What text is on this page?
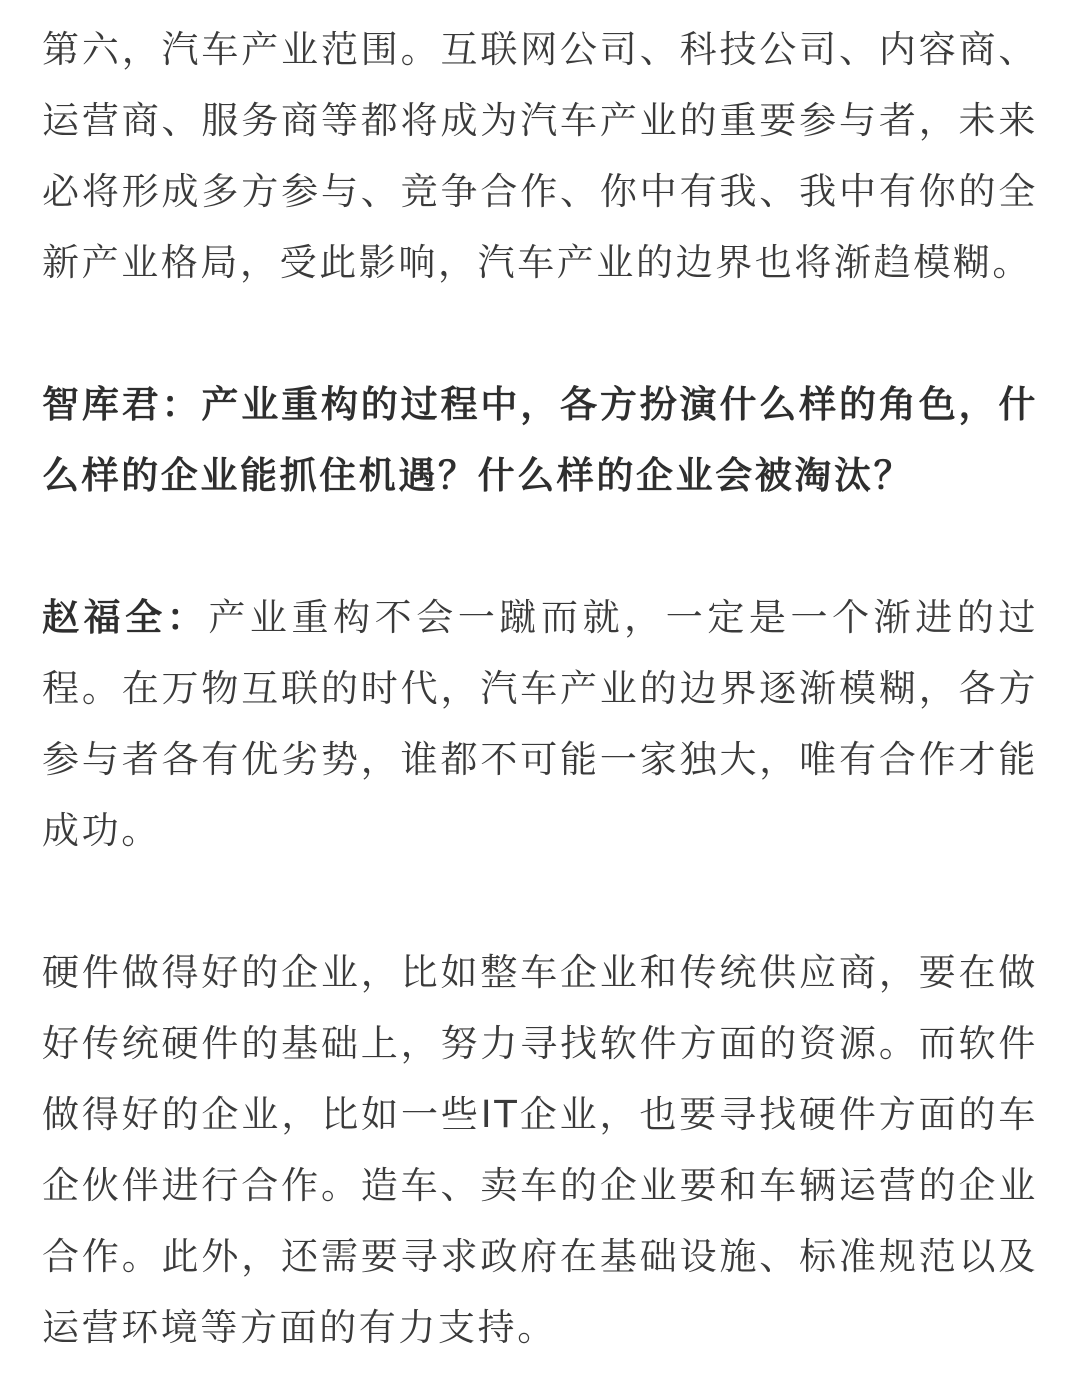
第六，汽车产业范围。互联网公司、科技公司、内容商、运营商、服务商等都将成为汽车产业的重要参与者，未来必将形成多方参与、竞争合作、你中有我、我中有你的全新产业格局，受此影响，汽车产业的边界也将渐趋模糊。

智库君：产业重构的过程中，各方扮演什么样的角色，什么样的企业能抓住机遇？什么样的企业会被淘汰？

赵福全：产业重构不会一蹴而就，一定是一个渐进的过程。在万物互联的时代，汽车产业的边界逐渐模糊，各方参与者各有优劣势，谁都不可能一家独大，唯有合作才能成功。

硬件做得好的企业，比如整车企业和传统供应商，要在做好传统硬件的基础上，努力寻找软件方面的资源。而软件做得好的企业，比如一些IT企业，也要寻找硬件方面的车企伙伴进行合作。造车、卖车的企业要和车辆运营的企业合作。此外，还需要寻求政府在基础设施、标准规范以及运营环境等方面的有力支持。
